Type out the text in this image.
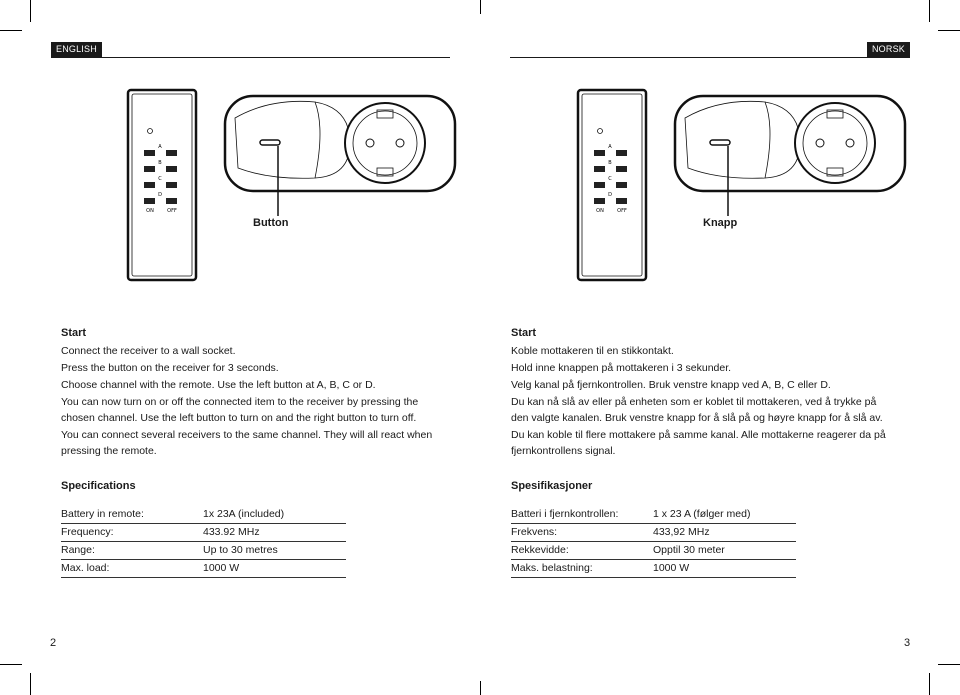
ENGLISH
A
B
C
D
ON	OFF
Button
Start
Connect the receiver to a wall socket.
Press the button on the receiver for 3 seconds.
Choose channel with the remote. Use the left button at A, B, C or D.
You can now turn on or off the connected item to the receiver by pressing the chosen channel. Use the left button to turn on and the right button to turn off.
You can connect several receivers to the same channel. They will all react when pressing the remote.
Specifications
Battery in remote:	1x 23A (included)
Frequency:	433.92 MHz
Range:	Up to 30 metres
Max. load:	1000 W
2
NORSK
A
B
C
D
ON	OFF
Knapp
Start
Koble mottakeren til en stikkontakt.
Hold inne knappen på mottakeren i 3 sekunder.
Velg kanal på fjernkontrollen. Bruk venstre knapp ved A, B, C eller D.
Du kan nå slå av eller på enheten som er koblet til mottakeren, ved å trykke på den valgte kanalen. Bruk venstre knapp for å slå på og høyre knapp for å slå av.
Du kan koble til flere mottakere på samme kanal. Alle mottakerne reagerer da på fjernkontrollens signal.
Spesifikasjoner
Batteri i fjernkontrollen:	1 x 23 A (følger med)
Frekvens:	433,92 MHz
Rekkevidde:	Opptil 30 meter
Maks. belastning:	1000 W
3
